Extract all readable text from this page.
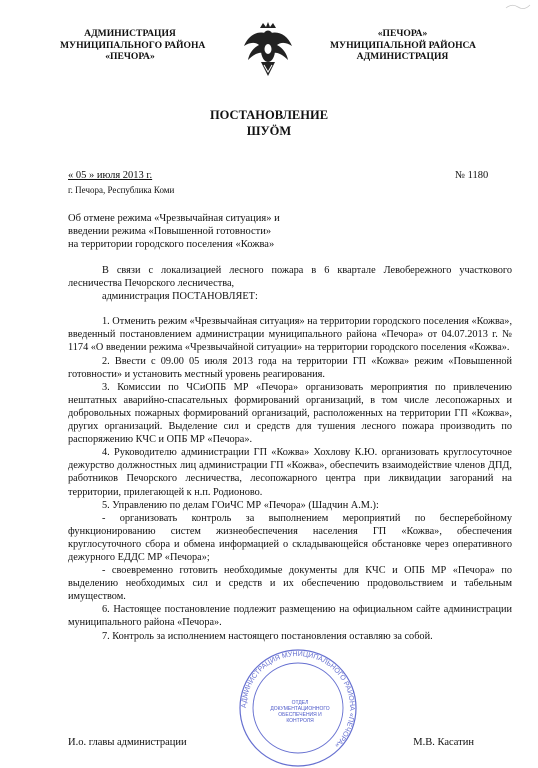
АДМИНИСТРАЦИЯ
МУНИЦИПАЛЬНОГО РАЙОНА
«ПЕЧОРА»
«ПЕЧОРА»
МУНИЦИПАЛЬНОЙ РАЙОНСА
АДМИНИСТРАЦИЯ
ПОСТАНОВЛЕНИЕ
ШУÖМ
« 05 » июля 2013 г.
г. Печора, Республика Коми
№ 1180
Об отмене режима «Чрезвычайная ситуация» и
введении режима «Повышенной готовности»
на территории городского поселения «Кожва»

В связи с локализацией лесного пожара в 6 квартале Левобережного участкового лесничества Печорского лесничества,

администрация ПОСТАНОВЛЯЕТ:

1. Отменить режим «Чрезвычайная ситуация» на территории городского поселения «Кожва», введенный постановлением администрации муниципального района «Печора» от 04.07.2013 г. № 1174 «О введении режима «Чрезвычайной ситуации» на территории городского поселения «Кожва».

2. Ввести с 09.00 05 июля 2013 года на территории ГП «Кожва» режим «Повышенной готовности» и установить местный уровень реагирования.

3. Комиссии по ЧСиОПБ МР «Печора» организовать мероприятия по привлечению нештатных аварийно-спасательных формирований организаций, в том числе лесопожарных и добровольных пожарных формирований организаций, расположенных на территории ГП «Кожва», других организаций. Выделение сил и средств для тушения лесного пожара производить по распоряжению КЧС и ОПБ МР «Печора».

4. Руководителю администрации ГП «Кожва» Хохлову К.Ю. организовать круглосуточное дежурство должностных лиц администрации ГП «Кожва», обеспечить взаимодействие членов ДПД, работников Печорского лесничества, лесопожарного центра при ликвидации загораний на территории, прилегающей к н.п. Родионово.

5. Управлению по делам ГОиЧС МР «Печора» (Шадчин А.М.):

- организовать контроль за выполнением мероприятий по бесперебойному функционированию систем жизнеобеспечения населения ГП «Кожва», обеспечения круглосуточного сбора и обмена информацией о складывающейся обстановке через оперативного дежурного ЕДДС МР «Печора»;

- своевременно готовить необходимые документы для КЧС и ОПБ МР «Печора» по выделению необходимых сил и средств и их обеспечению продовольствием и табельным имуществом.

6. Настоящее постановление подлежит размещению на официальном сайте администрации муниципального района «Печора».

7. Контроль за исполнением настоящего постановления оставляю за собой.

АДМИНИСТРАЦИЯ МУНИЦИПАЛЬНОГО РАЙОНА «ПЕЧОРА»
ОТДЕЛ
ДОКУМЕНТАЦИОННОГО
ОБЕСПЕЧЕНИЯ И
КОНТРОЛЯ
И.о. главы администрации	М.В. Касатин
